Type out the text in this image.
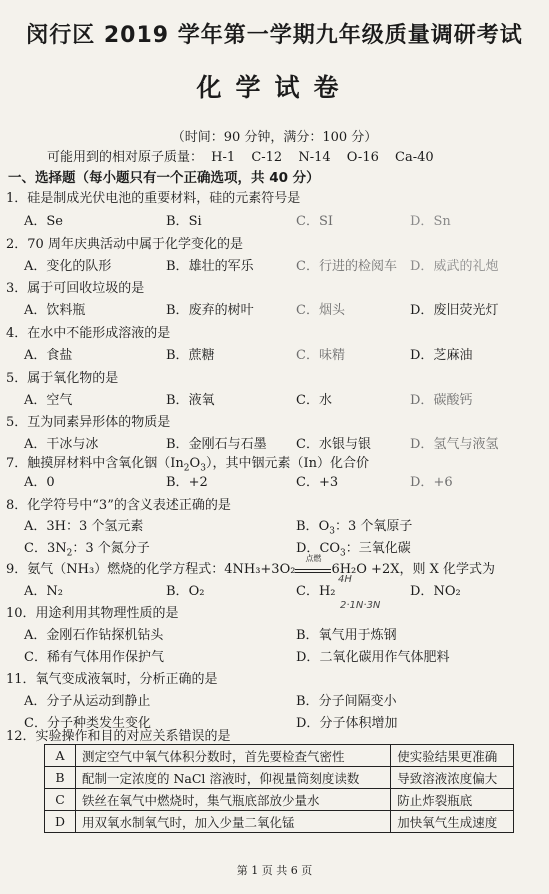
闵行区 2019 学年第一学期九年级质量调研考试
化学试卷
（时间：90 分钟，满分：100 分）
可能用到的相对原子质量： H-1 C-12 N-14 O-16 Ca-40
一、选择题（每小题只有一个正确选项，共 40 分）
1．硅是制成光伏电池的重要材料，硅的元素符号是
A．Se	B．Si	C．SI	D．Sn
2．70 周年庆典活动中属于化学变化的是
A．变化的队形	B．雄壮的军乐	C．行进的检阅车 D．威武的礼炮
3．属于可回收垃圾的是
A．饮料瓶	B．废弃的树叶	C．烟头	D．废旧荧光灯
4．在水中不能形成溶液的是
A．食盐	B．蔗糖	C．味精	D．芝麻油
5．属于氧化物的是
A．空气	B．液氧	C．水	D．碳酸钙
5．互为同素异形体的物质是
A．干冰与冰	B．金刚石与石墨 C．水银与银	D．氢气与液氢
7．触摸屏材料中含氧化铟$(In_2O_3)$，其中铟元素（In）化合价
A．0	B．+2	C．+3	D．+6
8．化学符号中“3”的含义表述正确的是
A．3H：3 个氢元素	B．$O_3$：3 个氧原子
C．$3N_2$：3 个氮分子	D．$CO_3$：三氧化碳
9．氨气（NH₃）燃烧的化学方程式：4NH₃+3O₂
点燃
6H₂O +2X，则 X 化学式为
A．N₂	B．O₂	C．H₂	D．NO₂
4H
2·1N·3N
10．用途利用其物理性质的是
A．金刚石作钻探机钻头	B．氧气用于炼钢
C．稀有气体用作保护气	D．二氧化碳用作气体肥料
11．氧气变成液氧时，分析正确的是
A．分子从运动到静止	B．分子间隔变小
C．分子种类发生变化	D．分子体积增加
12．实验操作和目的对应关系错误的是
A	测定空气中氧气体积分数时，首先要检查气密性	使实验结果更准确
B	配制一定浓度的 NaCl 溶液时，仰视量筒刻度读数	导致溶液浓度偏大
C	铁丝在氧气中燃烧时，集气瓶底部放少量水	防止炸裂瓶底
D	用双氧水制氧气时，加入少量二氧化锰	加快氧气生成速度
第 1 页 共 6 页
